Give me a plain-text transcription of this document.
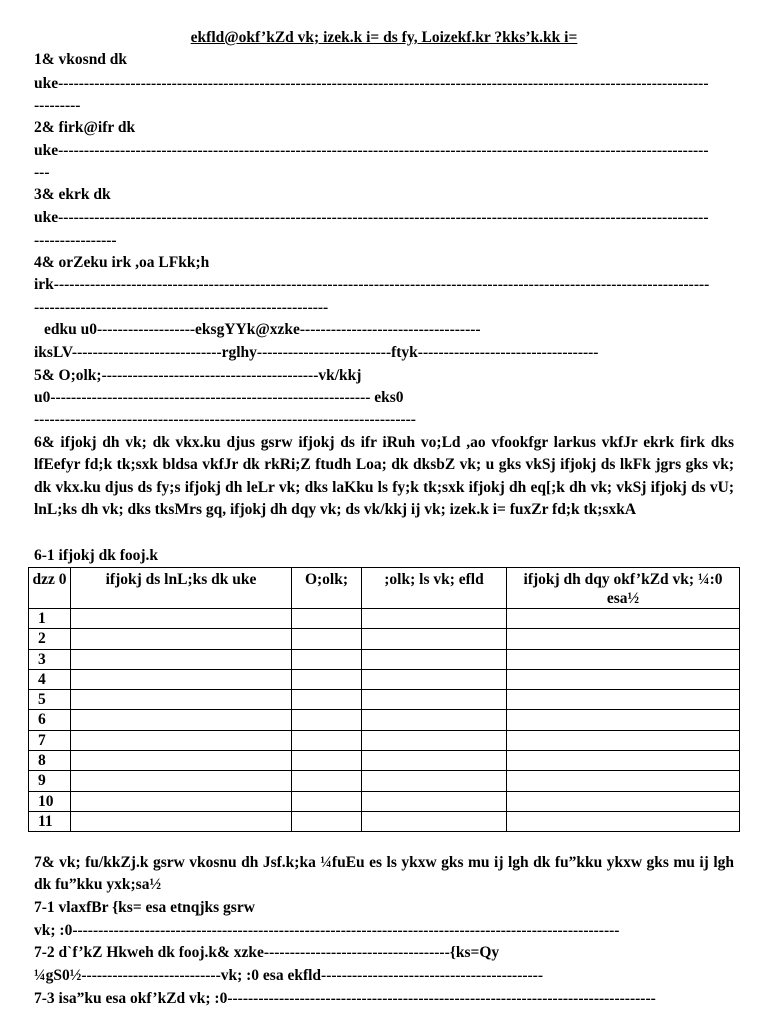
ekfld@okf’kZd vk; izek.k i= ds fy, Loizekf.kr ?kks’k.kk i=
1& vkosnd dk
uke------------------------------------------------------------------------------------------------------------------------------
---------
2& firk@ifr dk
uke------------------------------------------------------------------------------------------------------------------------------
---
3& ekrk dk
uke------------------------------------------------------------------------------------------------------------------------------
----------------
4& orZeku irk ,oa LFkk;h
irk-------------------------------------------------------------------------------------------------------------------------------
---------------------------------------------------------
edku u0-------------------eksgYYk@xzke-----------------------------------
iksLV-----------------------------rglhy--------------------------ftyk-----------------------------------
5& O;olk;------------------------------------------vk/kkj
u0-------------------------------------------------------------- eks0
--------------------------------------------------------------------------
6& ifjokj dh vk; dk vkx.ku djus gsrw ifjokj ds ifr iRuh vo;Ld ,ao vfookfgr larkus vkfJr ekrk firk dks lfEefyr fd;k tk;sxk bldsa vkfJr dk rkRi;Z ftudh Loa; dk dksbZ vk; u gks vkSj ifjokj ds lkFk jgrs gks vk; dk vkx.ku djus ds fy;s ifjokj dh leLr vk; dks laKku ls fy;k tk;sxk ifjokj dh eq[;k dh vk; vkSj ifjokj ds vU; lnL;ks dh vk; dks tksMrs gq, ifjokj dh dqy vk; ds vk/kkj ij vk; izek.k i= fuxZr fd;k tk;sxkA
6-1 ifjokj dk fooj.k
dzz 0	ifjokj ds lnL;ks dk uke	O;olk;	;olk; ls vk; efld	ifjokj dh dqy okf’kZd vk; ¼:0 esa½
1				
2				
3				
4				
5				
6				
7				
8				
9				
10				
11				
7& vk; fu/kkZj.k gsrw vkosnu dh Jsf.k;ka ¼fuEu es ls ykxw gks mu ij lgh dk fu”kku ykxw gks mu ij lgh dk fu”kku yxk;sa½
7-1 vlaxfBr {ks= esa etnqjks gsrw
vk; :0----------------------------------------------------------------------------------------------------------
7-2 d`f’kZ Hkweh dk fooj.k& xzke------------------------------------{ks=Qy
¼gS0½---------------------------vk; :0 esa ekfld-------------------------------------------
7-3 isa”ku esa okf’kZd vk; :0-----------------------------------------------------------------------------------
